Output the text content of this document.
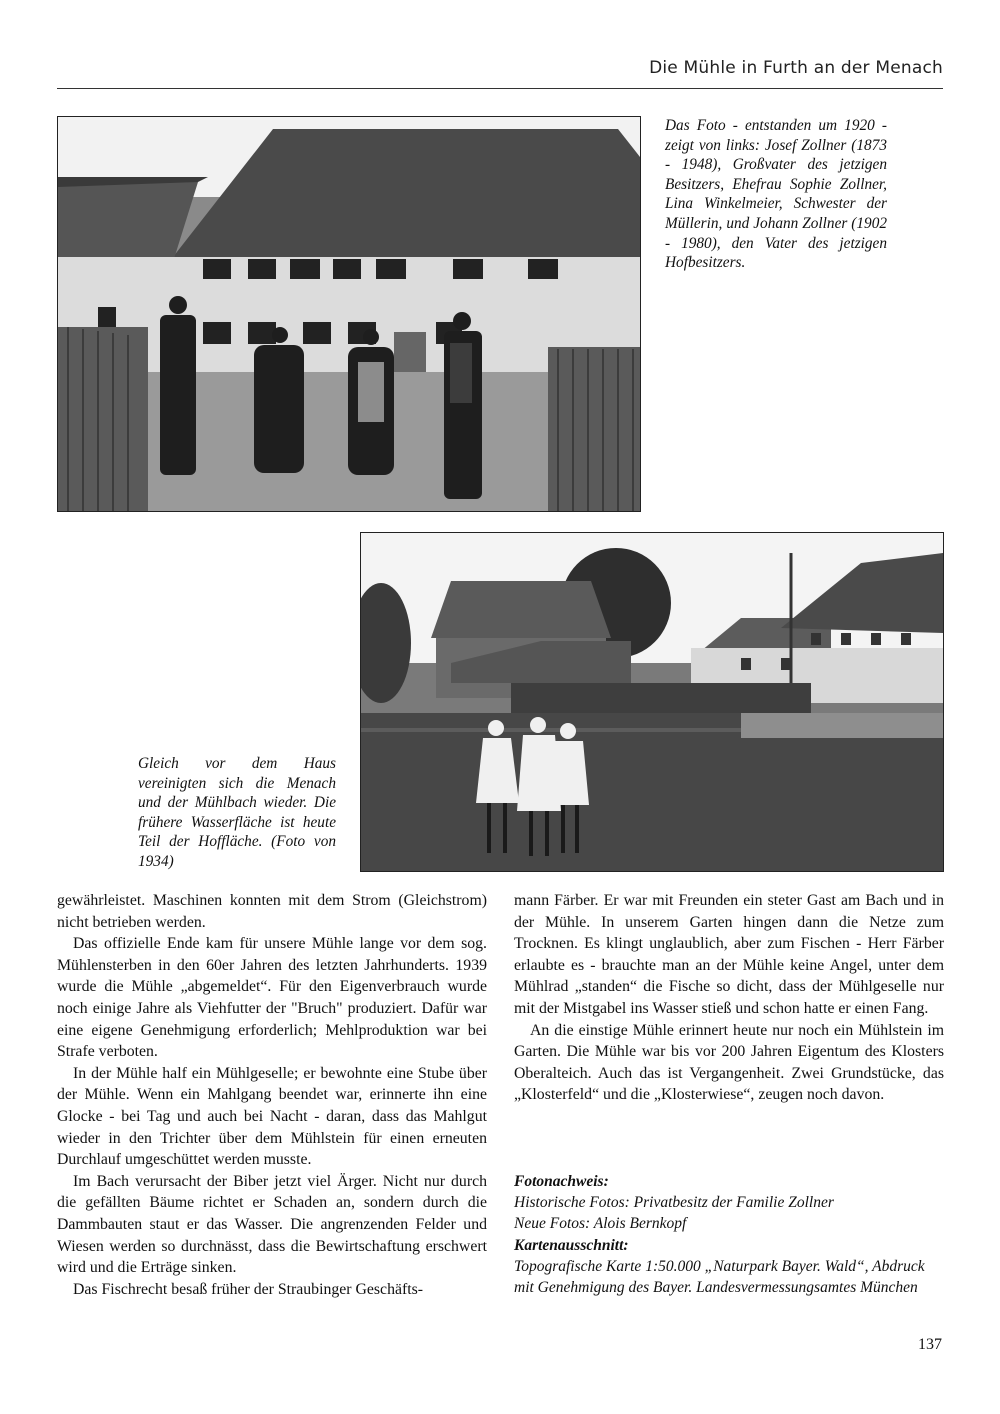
Die Mühle in Furth an der Menach
Das Foto - entstanden um 1920 - zeigt von links: Josef Zollner (1873 - 1948), Großvater des jetzigen Besitzers, Ehefrau Sophie Zollner, Lina Winkelmeier, Schwester der Müllerin, und Johann Zollner (1902 - 1980), den Vater des jetzigen Hofbesitzers.
Gleich vor dem Haus vereinigten sich die Menach und der Mühlbach wieder. Die frühere Wasserfläche ist heute Teil der Hoffläche. (Foto von 1934)

gewährleistet. Maschinen konnten mit dem Strom (Gleichstrom) nicht betrieben werden.

Das offizielle Ende kam für unsere Mühle lange vor dem sog. Mühlensterben in den 60er Jahren des letzten Jahrhunderts. 1939 wurde die Mühle „abgemeldet“. Für den Eigenverbrauch wurde noch einige Jahre als Viehfutter der "Bruch" produziert. Dafür war eine eigene Genehmigung erforderlich; Mehlproduktion war bei Strafe verboten.

In der Mühle half ein Mühlgeselle; er bewohnte eine Stube über der Mühle. Wenn ein Mahlgang beendet war, erinnerte ihn eine Glocke - bei Tag und auch bei Nacht - daran, dass das Mahlgut wieder in den Trichter über dem Mühlstein für einen erneuten Durchlauf umgeschüttet werden musste.

Im Bach verursacht der Biber jetzt viel Ärger. Nicht nur durch die gefällten Bäume richtet er Schaden an, sondern durch die Dammbauten staut er das Wasser. Die angrenzenden Felder und Wiesen werden so durchnässt, dass die Bewirtschaftung erschwert wird und die Erträge sinken.

Das Fischrecht besaß früher der Straubinger Geschäfts-

mann Färber. Er war mit Freunden ein steter Gast am Bach und in der Mühle. In unserem Garten hingen dann die Netze zum Trocknen. Es klingt unglaublich, aber zum Fischen - Herr Färber erlaubte es - brauchte man an der Mühle keine Angel, unter dem Mühlrad „standen“ die Fische so dicht, dass der Mühlgeselle nur mit der Mistgabel ins Wasser stieß und schon hatte er einen Fang.

An die einstige Mühle erinnert heute nur noch ein Mühlstein im Garten. Die Mühle war bis vor 200 Jahren Eigentum des Klosters Oberalteich. Auch das ist Vergangenheit. Zwei Grundstücke, das „Klosterfeld“ und die „Klosterwiese“, zeugen noch davon.

Fotonachweis:
Historische Fotos: Privatbesitz der Familie Zollner
Neue Fotos: Alois Bernkopf
Kartenausschnitt:
Topografische Karte 1:50.000 „Naturpark Bayer. Wald“, Abdruck mit Genehmigung des Bayer. Landesvermessungsamtes München
137
